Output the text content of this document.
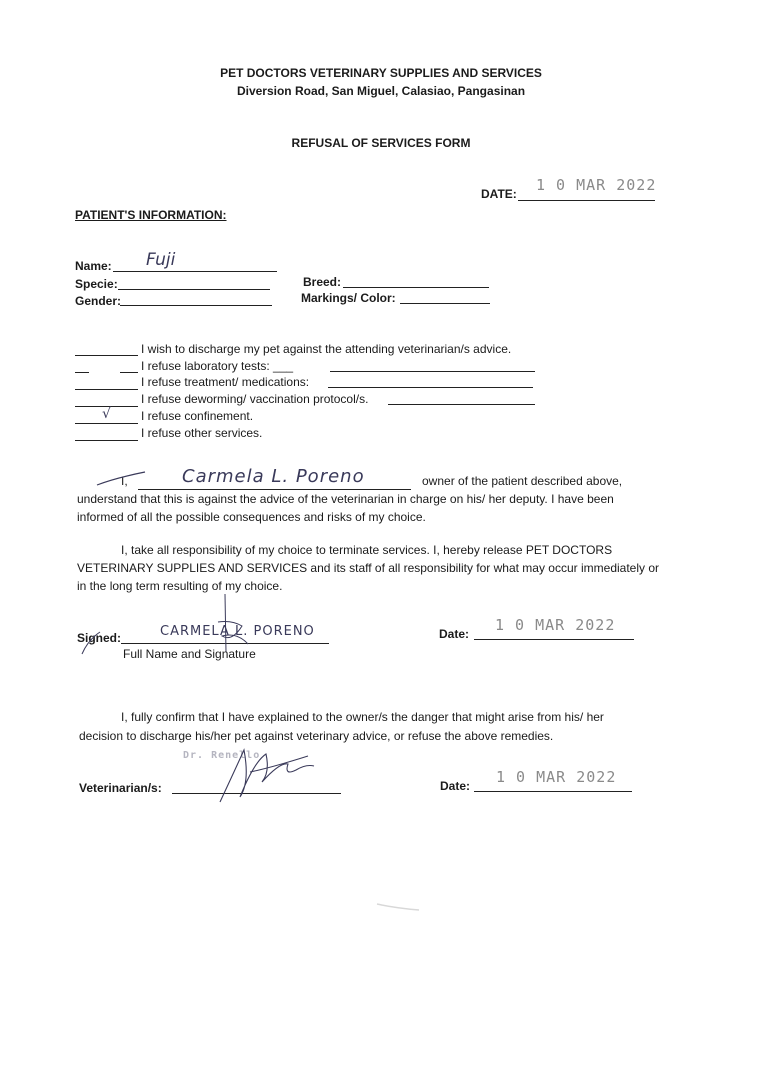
PET DOCTORS VETERINARY SUPPLIES AND SERVICES
Diversion Road, San Miguel, Calasiao, Pangasinan
REFUSAL OF SERVICES FORM
DATE: 1 0 MAR 2022
PATIENT'S INFORMATION:
Name: Fuji
Specie:
Gender:
Breed:
Markings/ Color:
I wish to discharge my pet against the attending veterinarian/s advice.
I refuse laboratory tests: ___
I refuse treatment/ medications:
I refuse deworming/ vaccination protocol/s.
√	I refuse confinement.
I refuse other services.
I,	Carmela L. Poreno	owner of the patient described above,
understand that this is against the advice of the veterinarian in charge on his/ her deputy. I have been
informed of all the possible consequences and risks of my choice.
I, take all responsibility of my choice to terminate services. I, hereby release PET DOCTORS
VETERINARY SUPPLIES AND SERVICES and its staff of all responsibility for what may occur immediately or
in the long term resulting of my choice.
Signed:	CARMELA L. PORENO
Full Name and Signature
Date: 1 0 MAR 2022
I, fully confirm that I have explained to the owner/s the danger that might arise from his/ her
decision to discharge his/her pet against veterinary advice, or refuse the above remedies.
Dr. Renello
Veterinarian/s:	Date: 1 0 MAR 2022
